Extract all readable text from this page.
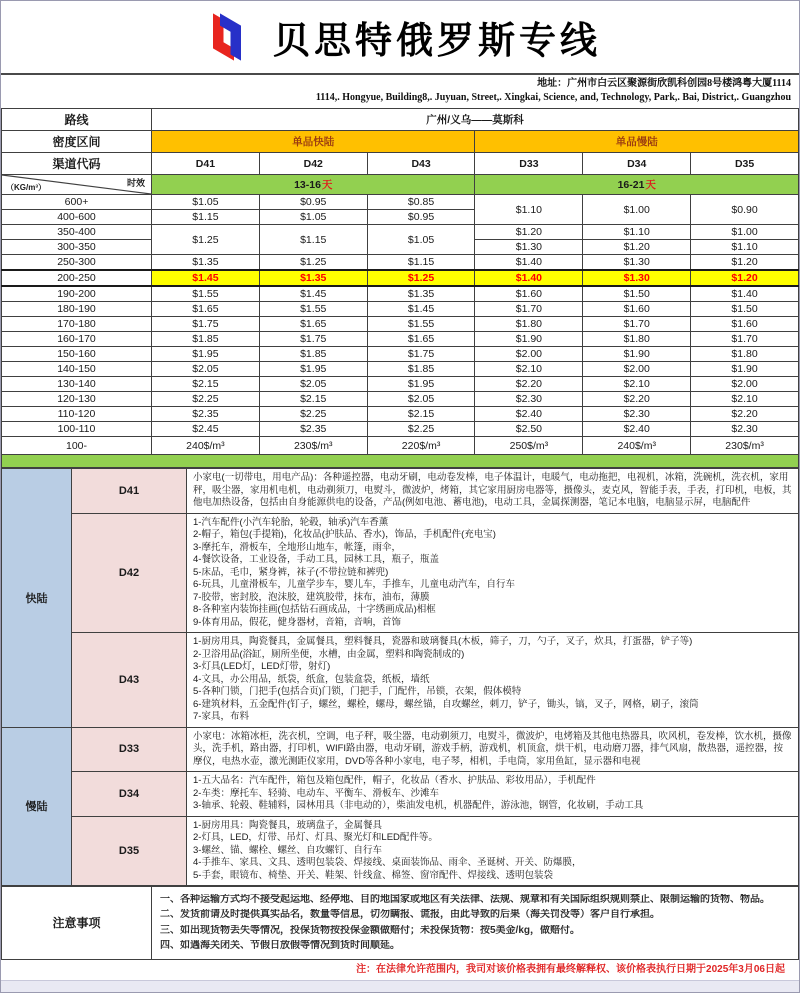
贝思特俄罗斯专线
地址：广州市白云区聚源街欣凯科创园8号楼鸿粤大厦1114
1114,. Hongyue, Building8,. Juyuan, Street,. Xingkai, Science, and, Technology, Park,. Bai, District,. Guangzhou
路线	广州/义乌——莫斯科					
密度区间	单品快陆			单品慢陆		
渠道代码	D41	D42	D43	D33	D34	D35

时效
（KG/m³）	13-16天			16-21天		
600+	$1.05	$0.95	$0.85	$1.10	$1.00	$0.90
400-600	$1.15	$1.05	$0.95			
350-400	$1.25	$1.15	$1.05	$1.20	$1.10	$1.00
300-350				$1.30	$1.20	$1.10
250-300	$1.35	$1.25	$1.15	$1.40	$1.30	$1.20
200-250	$1.45	$1.35	$1.25	$1.40	$1.30	$1.20
190-200	$1.55	$1.45	$1.35	$1.60	$1.50	$1.40
180-190	$1.65	$1.55	$1.45	$1.70	$1.60	$1.50
170-180	$1.75	$1.65	$1.55	$1.80	$1.70	$1.60
160-170	$1.85	$1.75	$1.65	$1.90	$1.80	$1.70
150-160	$1.95	$1.85	$1.75	$2.00	$1.90	$1.80
140-150	$2.05	$1.95	$1.85	$2.10	$2.00	$1.90
130-140	$2.15	$2.05	$1.95	$2.20	$2.10	$2.00
120-130	$2.25	$2.15	$2.05	$2.30	$2.20	$2.10
110-120	$2.35	$2.25	$2.15	$2.40	$2.30	$2.20
100-110	$2.45	$2.35	$2.25	$2.50	$2.40	$2.30
100-	240$/m³	230$/m³	220$/m³	250$/m³	240$/m³	230$/m³
快陆	D41	小家电(一切带电，用电产品)：各种遥控器，电动牙刷，电动卷发棒，电子体温计，电暖气，电动拖把，电视机，冰箱，洗碗机，洗衣机，家用秤，吸尘器，家用机电机，电动剃须刀，电熨斗，微波炉，烤箱，其它家用厨房电器等，摄像头，麦克风，智能手表，手表，打印机，电板，其他电加热设备，包括由自身能源供电的设备，产品(例如电池、蓄电池)，电动工具，金属探测器，笔记本电脑，电脑显示屏，电脑配件

D42	
1-汽车配件(小汽车轮胎，轮毂，轴承)汽车香薰
2-帽子，箱包(手提箱)，化妆品(护肤品、香水)，饰品，手机配件(充电宝)
3-摩托车，滑板车，全地形山地车，帐篷，雨伞，
4-餐饮设备，工业设备，手动工具，园林工具，瓶子，瓶盖
5-床品，毛巾，紧身裤，袜子(不带拉链和裤兜)
6-玩具，儿童滑板车，儿童学步车，婴儿车，手推车，儿童电动汽车，自行车
7-胶带，密封胶，泡沫胶，建筑胶带，抹布，油布，薄膜
8-各种室内装饰挂画(包括钻石画成品，十字绣画成品)相框
9-体育用品，假花，健身器材，音箱，音响，首饰

D43	
1-厨房用具，陶瓷餐具，金属餐具，塑料餐具，瓷器和玻璃餐具(木板，筛子，刀，勺子，叉子，炊具，打蛋器，铲子等)
2-卫浴用品(浴缸，厕所坐便，水槽，由金属，塑料和陶瓷制成的)
3-灯具(LED灯，LED灯带，射灯)
4-文具，办公用品，纸袋，纸盒，包装盒袋，纸板，墙纸
5-各种门锁，门把手(包括合页)门锁，门把手，门配件，吊锁，衣架，假体模特
6-建筑材料，五金配件(钉子，螺丝，螺栓，螺母，螺丝锚，自攻螺丝，刺刀，铲子，锄头，镐，叉子，网格，刷子，滚筒
7-家具，布料

慢陆	D33	小家电：冰箱冰柜，洗衣机，空调，电子秤，吸尘器，电动剃须刀，电熨斗，微波炉，电烤箱及其他电热器具，吹风机，卷发棒，饮水机，摄像头，洗手机，路由器，打印机，WIFI路由器，电动牙刷，游戏手柄，游戏机，机顶盒，烘干机，电动磨刀器，排气风扇，散热器，遥控器，按摩仪，电热水壶，激光测距仪家用，DVD等各种小家电，电子琴，相机，手电筒，家用鱼缸，显示器和电视

	D34	1-五大品名：汽车配件，箱包及箱包配件，帽子，化妆品（香水、护肤品、彩妆用品），手机配件
2-车类：摩托车、轻骑、电动车、平衡车、滑板车、沙滩车
3-轴承、轮毂、鞋辅料，园林用具（非电动的），柴油发电机，机器配件，游泳池，钢管，化妆刷，手动工具

	D35	1-厨房用具：陶瓷餐具，玻璃盘子，金属餐具
2-灯具，LED，灯带、吊灯、灯具、聚光灯和LED配件等。
3-螺丝、锚、螺栓、螺丝、自攻螺钉、自行车
4-手推车、家具、文具、透明包装袋、焊接线、桌面装饰品、雨伞、圣诞树、开关、防爆膜，
5-手套，眼镜布、椅垫、开关、鞋架、针线盒、棉签、窗帘配件、焊接线、透明包装袋
注意事项	
一、各种运输方式均不接受起运地、经停地、目的地国家或地区有关法律、法规、规章和有关国际组织规则禁止、限制运输的货物、物品。
二、发货前请及时提供真实品名，数量等信息，切勿瞒报、谎报，由此导致的后果（海关罚没等）客户自行承担。
三、如出现货物丢失等情况，投保货物按投保金额做赔付；未投保货物：按5美金/kg，做赔付。
四、如遇海关闭关、节假日放假等情况到货时间顺延。
注：在法律允许范围内，我司对该价格表拥有最终解释权、该价格表执行日期于2025年3月06日起
